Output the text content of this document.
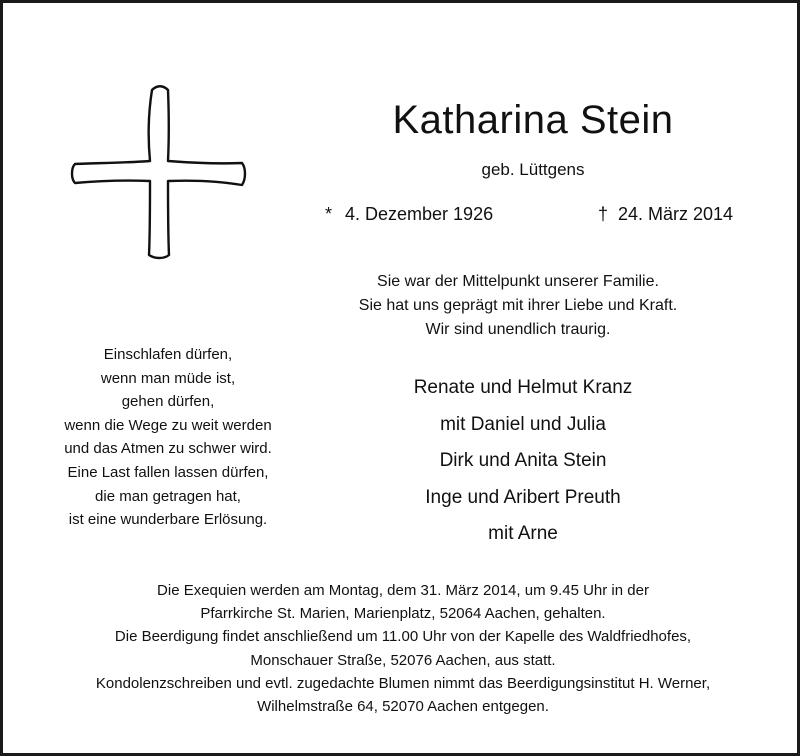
Katharina Stein
geb. Lüttgens
* 4. Dezember 1926	† 24. März 2014
Sie war der Mittelpunkt unserer Familie.
Sie hat uns geprägt mit ihrer Liebe und Kraft.
Wir sind unendlich traurig.
Einschlafen dürfen,
wenn man müde ist,
gehen dürfen,
wenn die Wege zu weit werden
und das Atmen zu schwer wird.
Eine Last fallen lassen dürfen,
die man getragen hat,
ist eine wunderbare Erlösung.
Renate und Helmut Kranz
mit Daniel und Julia
Dirk und Anita Stein
Inge und Aribert Preuth
mit Arne
Die Exequien werden am Montag, dem 31. März 2014, um 9.45 Uhr in der
Pfarrkirche St. Marien, Marienplatz, 52064 Aachen, gehalten.
Die Beerdigung findet anschließend um 11.00 Uhr von der Kapelle des Waldfriedhofes,
Monschauer Straße, 52076 Aachen, aus statt.
Kondolenzschreiben und evtl. zugedachte Blumen nimmt das Beerdigungsinstitut H. Werner,
Wilhelmstraße 64, 52070 Aachen entgegen.
